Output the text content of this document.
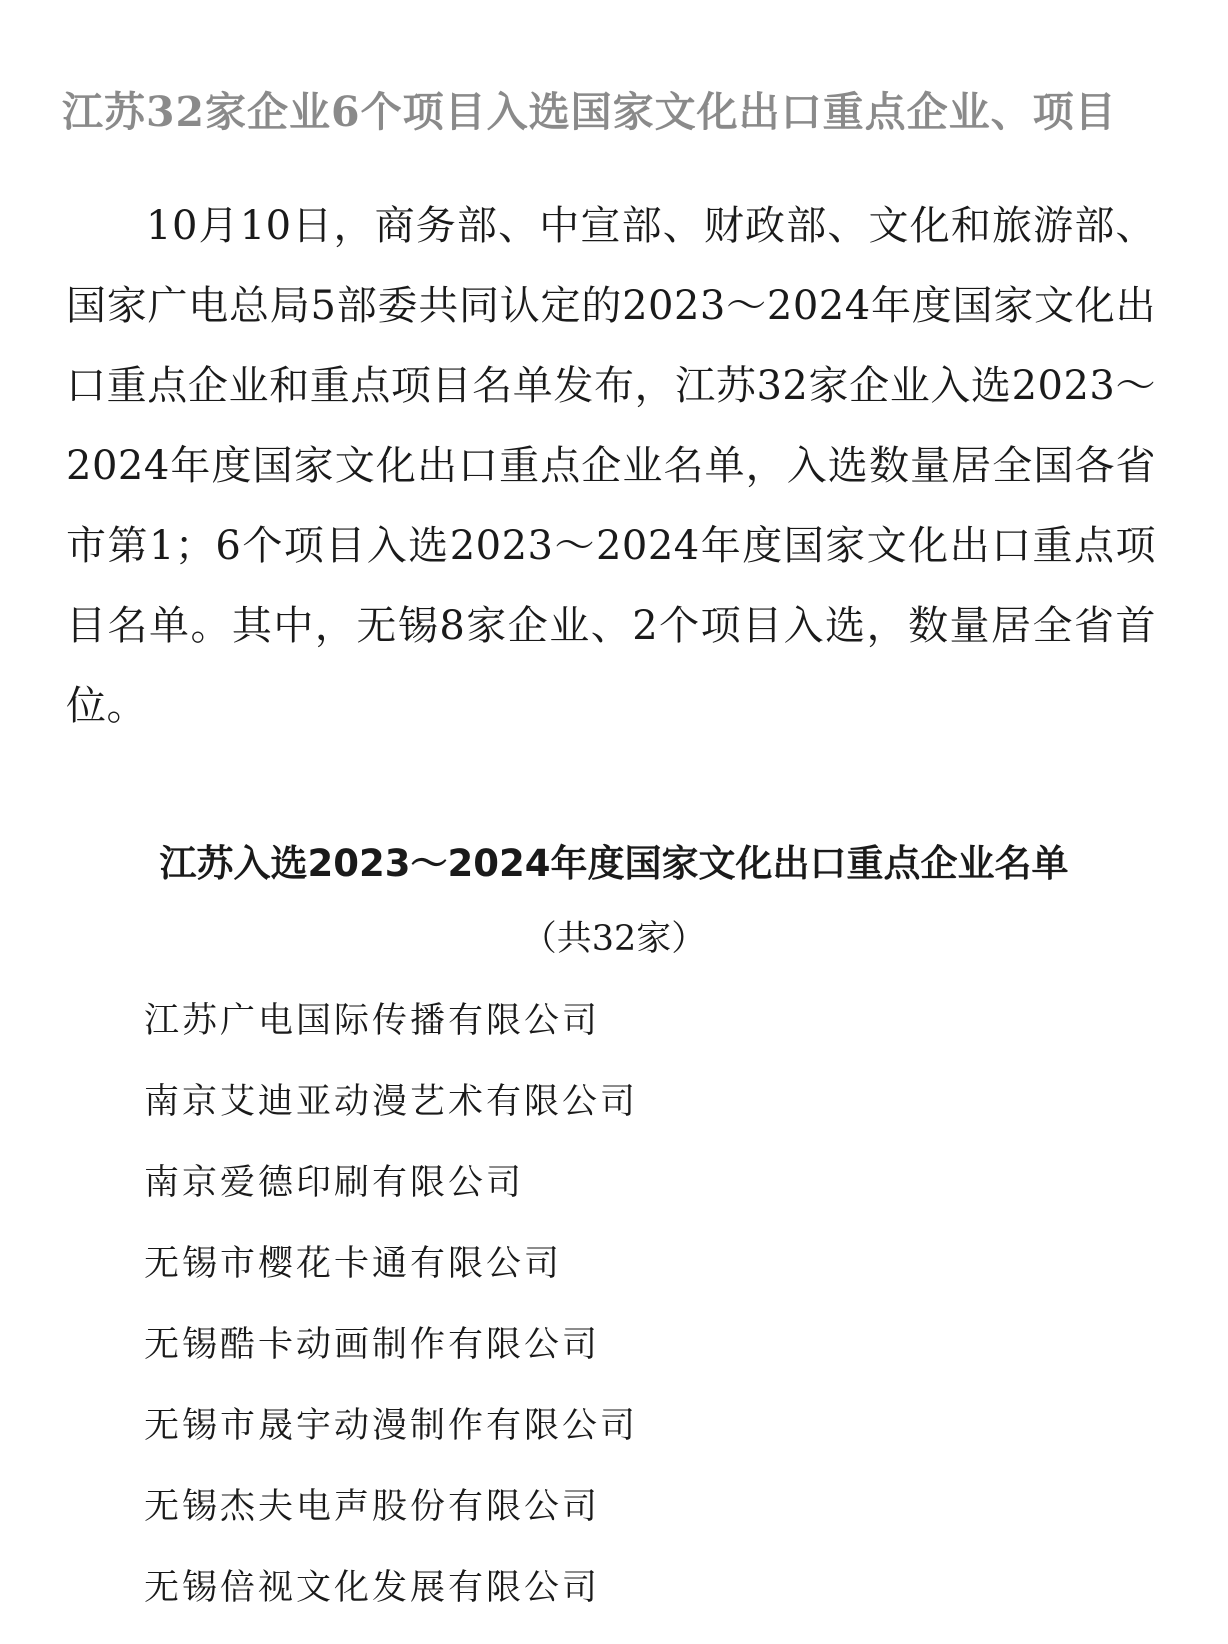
江苏32家企业6个项目入选国家文化出口重点企业、项目

10月10日，商务部、中宣部、财政部、文化和旅游部、国家广电总局5部委共同认定的2023～2024年度国家文化出口重点企业和重点项目名单发布，江苏32家企业入选2023～2024年度国家文化出口重点企业名单，入选数量居全国各省市第1；6个项目入选2023～2024年度国家文化出口重点项目名单。其中，无锡8家企业、2个项目入选，数量居全省首位。

江苏入选2023～2024年度国家文化出口重点企业名单
（共32家）
江苏广电国际传播有限公司
南京艾迪亚动漫艺术有限公司
南京爱德印刷有限公司
无锡市樱花卡通有限公司
无锡酷卡动画制作有限公司
无锡市晟宇动漫制作有限公司
无锡杰夫电声股份有限公司
无锡倍视文化发展有限公司
